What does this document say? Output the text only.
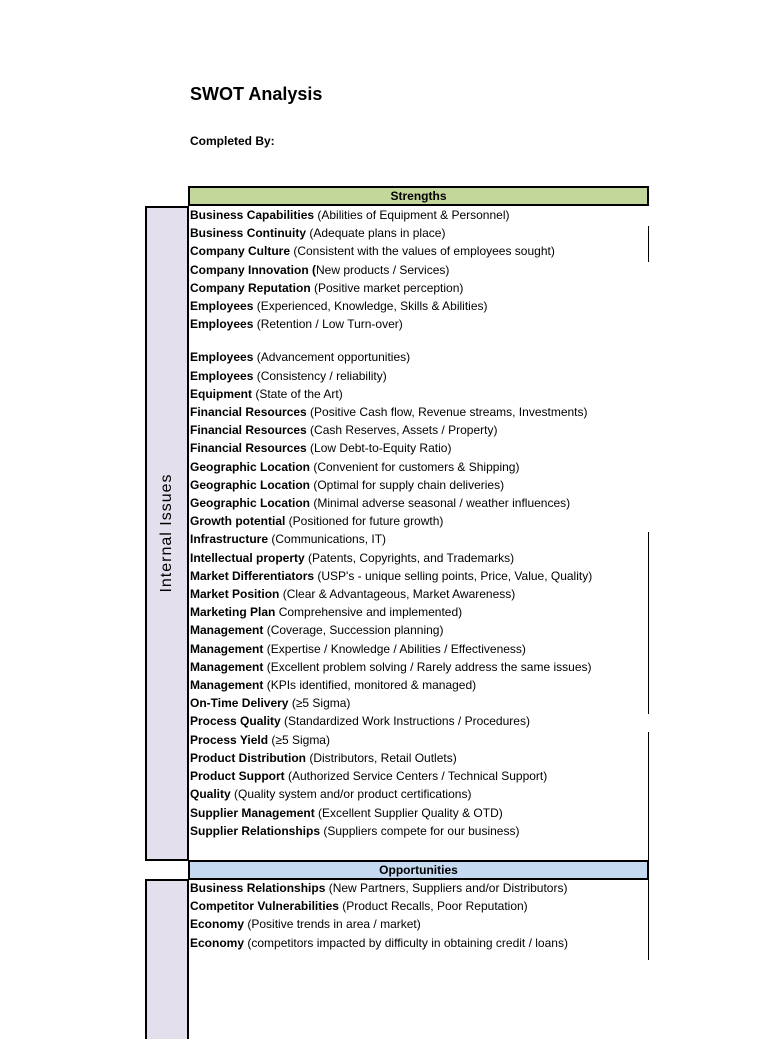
SWOT Analysis
Completed By:
Strengths
Internal Issues
Business Capabilities (Abilities of Equipment & Personnel)
Business Continuity (Adequate plans in place)
Company Culture (Consistent with the values of employees sought)
Company Innovation (New products / Services)
Company Reputation (Positive market perception)
Employees (Experienced, Knowledge, Skills & Abilities)
Employees (Retention / Low Turn-over)
Employees (Advancement opportunities)
Employees (Consistency / reliability)
Equipment (State of the Art)
Financial Resources (Positive Cash flow, Revenue streams, Investments)
Financial Resources (Cash Reserves, Assets / Property)
Financial Resources (Low Debt-to-Equity Ratio)
Geographic Location (Convenient for customers & Shipping)
Geographic Location (Optimal for supply chain deliveries)
Geographic Location (Minimal adverse seasonal / weather influences)
Growth potential (Positioned for future growth)
Infrastructure (Communications, IT)
Intellectual property (Patents, Copyrights, and Trademarks)
Market Differentiators (USP's - unique selling points, Price, Value, Quality)
Market Position (Clear & Advantageous, Market Awareness)
Marketing Plan Comprehensive and implemented)
Management (Coverage, Succession planning)
Management (Expertise / Knowledge / Abilities / Effectiveness)
Management (Excellent problem solving / Rarely address the same issues)
Management (KPIs identified, monitored & managed)
On-Time Delivery (≥5 Sigma)
Process Quality (Standardized Work Instructions / Procedures)
Process Yield (≥5 Sigma)
Product Distribution (Distributors, Retail Outlets)
Product Support (Authorized Service Centers / Technical Support)
Quality (Quality system and/or product certifications)
Supplier Management (Excellent Supplier Quality & OTD)
Supplier Relationships (Suppliers compete for our business)
Opportunities
Business Relationships (New Partners, Suppliers and/or Distributors)
Competitor Vulnerabilities (Product Recalls, Poor Reputation)
Economy (Positive trends in area / market)
Economy (competitors impacted by difficulty in obtaining credit / loans)
